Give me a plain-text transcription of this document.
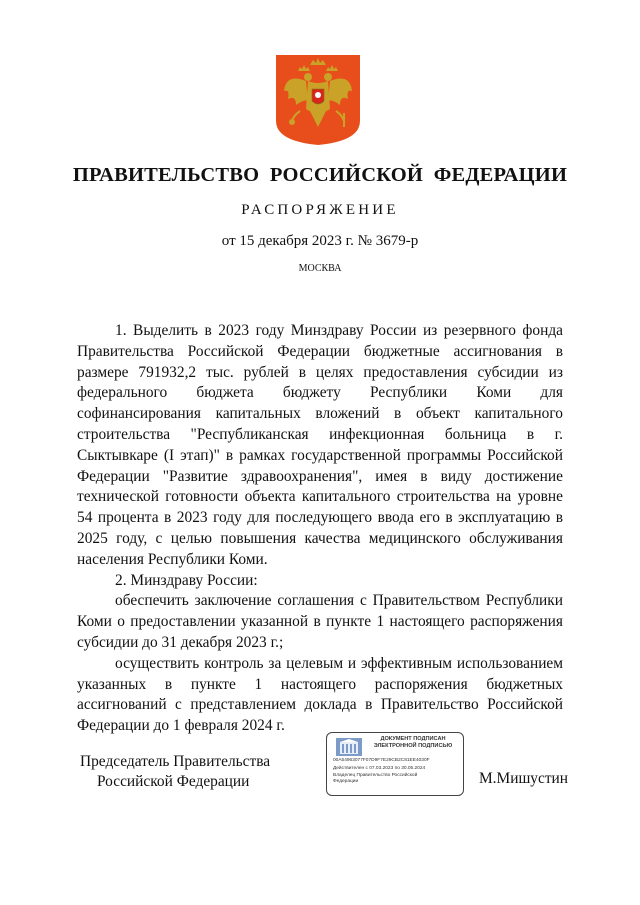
ПРАВИТЕЛЬСТВО  РОССИЙСКОЙ  ФЕДЕРАЦИИ
РАСПОРЯЖЕНИЕ
от 15 декабря 2023 г. № 3679-р
МОСКВА

1. Выделить в 2023 году Минздраву России из резервного фонда Правительства Российской Федерации бюджетные ассигнования в размере 791932,2 тыс. рублей в целях предоставления субсидии из федерального бюджета бюджету Республики Коми для софинансирования капитальных вложений в объект капитального строительства "Республиканская инфекционная больница в г. Сыктывкаре (I этап)" в рамках государственной программы Российской Федерации "Развитие здравоохранения", имея в виду достижение технической готовности объекта капитального строительства на уровне 54 процента в 2023 году для последующего ввода его в эксплуатацию в 2025 году, с целью повышения качества медицинского обслуживания населения Республики Коми.

2. Минздраву России:

обеспечить заключение соглашения с Правительством Республики Коми о предоставлении указанной в пункте 1 настоящего распоряжения субсидии до 31 декабря 2023 г.;

осуществить контроль за целевым и эффективным использованием указанных в пункте 1 настоящего распоряжения бюджетных ассигнований с представлением доклада в Правительство Российской Федерации до 1 февраля 2024 г.

Председатель Правительства
Российской Федерации
ДОКУМЕНТ ПОДПИСАН
ЭЛЕКТРОННОЙ ПОДПИСЬЮ
00A54963077F07D9F7E29CB2C81EE4030F
Действителен с 07.03.2023 по 30.05.2024
Владелец Правительство Российской
Федерации	М.Мишустин
